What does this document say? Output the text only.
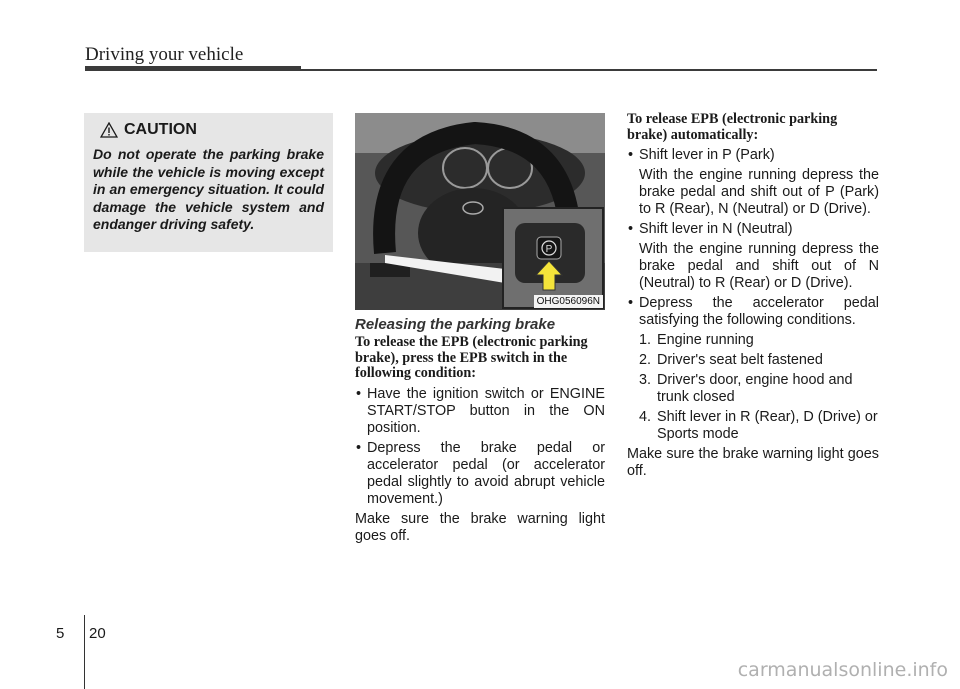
Driving your vehicle
CAUTION
Do not operate the parking brake while the vehicle is moving except in an emergency situation. It could damage the vehicle system and endanger driving safety.
P
OHG056096N
Releasing the parking brake
To release the EPB (electronic parking brake), press the EPB switch in the following condition:
• Have the ignition switch or ENGINE START/STOP button in the ON position.
• Depress the brake pedal or accelerator pedal (or accelerator pedal slightly to avoid abrupt vehicle movement.)
Make sure the brake warning light goes off.
To release EPB (electronic parking brake) automatically:
• Shift lever in P (Park)
With the engine running depress the brake pedal and shift out of P (Park) to R (Rear), N (Neutral) or D (Drive).
• Shift lever in N (Neutral)
With the engine running depress the brake pedal and shift out of N (Neutral) to R (Rear) or D (Drive).
• Depress the accelerator pedal satisfying the following conditions.
1. Engine running
2. Driver's seat belt fastened
3. Driver's door, engine hood and trunk closed
4. Shift lever in R (Rear), D (Drive) or Sports mode
Make sure the brake warning light goes off.
5 20
carmanualsonline.info
